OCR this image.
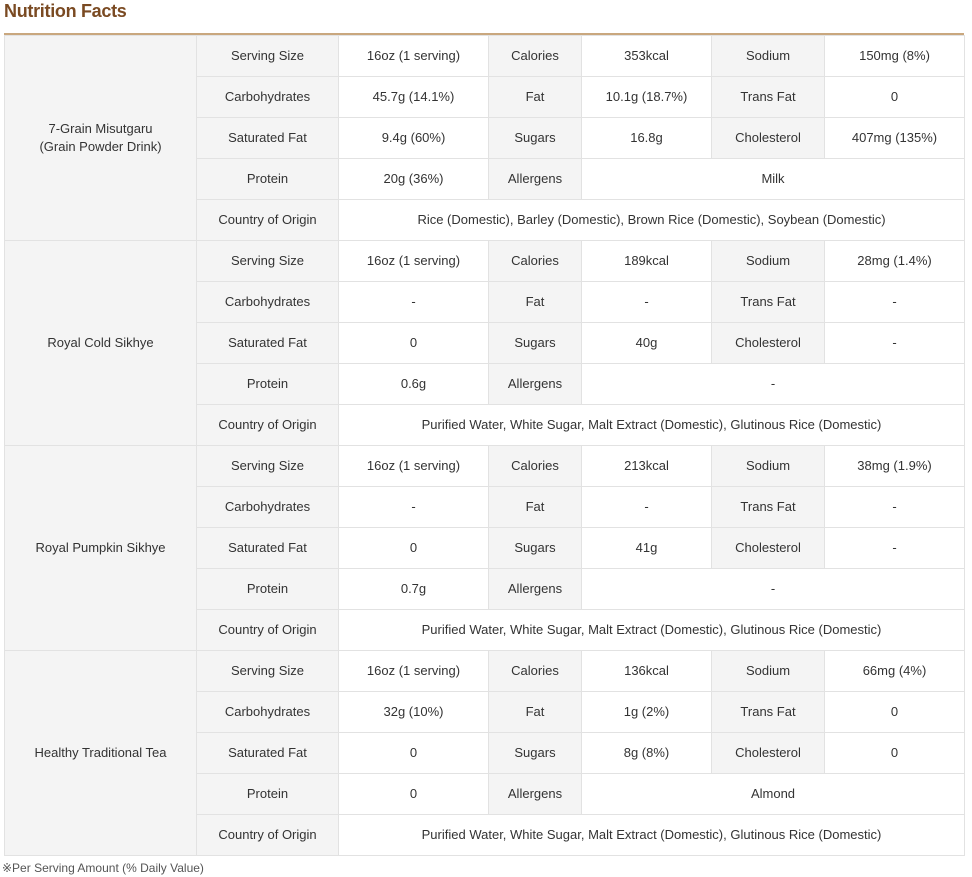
Nutrition Facts
7-Grain Misutgaru
(Grain Powder Drink)	Serving Size	16oz (1 serving)	Calories	353kcal	Sodium	150mg (8%)
	Carbohydrates	45.7g (14.1%)	Fat	10.1g (18.7%)	Trans Fat	0
	Saturated Fat	9.4g (60%)	Sugars	16.8g	Cholesterol	407mg (135%)
	Protein	20g (36%)	Allergens	Milk		
	Country of Origin	Rice (Domestic), Barley (Domestic), Brown Rice (Domestic), Soybean (Domestic)				
Royal Cold Sikhye	Serving Size	16oz (1 serving)	Calories	189kcal	Sodium	28mg (1.4%)
	Carbohydrates	-	Fat	-	Trans Fat	-
	Saturated Fat	0	Sugars	40g	Cholesterol	-
	Protein	0.6g	Allergens	-		
	Country of Origin	Purified Water, White Sugar, Malt Extract (Domestic), Glutinous Rice (Domestic)				
Royal Pumpkin Sikhye	Serving Size	16oz (1 serving)	Calories	213kcal	Sodium	38mg (1.9%)
	Carbohydrates	-	Fat	-	Trans Fat	-
	Saturated Fat	0	Sugars	41g	Cholesterol	-
	Protein	0.7g	Allergens	-		
	Country of Origin	Purified Water, White Sugar, Malt Extract (Domestic), Glutinous Rice (Domestic)				
Healthy Traditional Tea	Serving Size	16oz (1 serving)	Calories	136kcal	Sodium	66mg (4%)
	Carbohydrates	32g (10%)	Fat	1g (2%)	Trans Fat	0
	Saturated Fat	0	Sugars	8g (8%)	Cholesterol	0
	Protein	0	Allergens	Almond		
	Country of Origin	Purified Water, White Sugar, Malt Extract (Domestic), Glutinous Rice (Domestic)				
※Per Serving Amount (% Daily Value)
